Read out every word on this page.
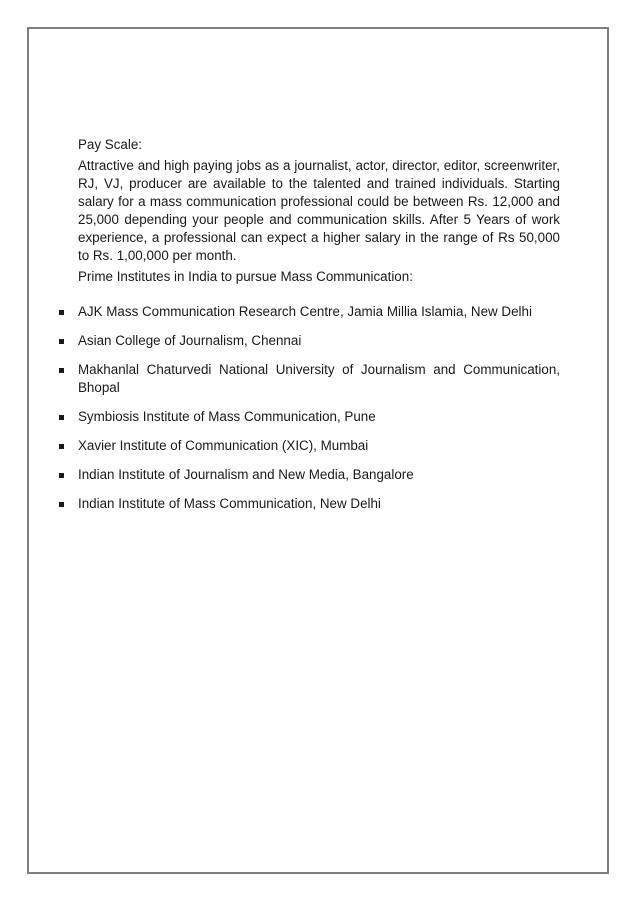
Pay Scale:
Attractive and high paying jobs as a journalist, actor, director, editor, screenwriter, RJ, VJ, producer are available to the talented and trained individuals. Starting salary for a mass communication professional could be between Rs. 12,000 and 25,000 depending your people and communication skills. After 5 Years of work experience, a professional can expect a higher salary in the range of Rs 50,000 to Rs. 1,00,000 per month.
Prime Institutes in India to pursue Mass Communication:
AJK Mass Communication Research Centre, Jamia Millia Islamia, New Delhi
Asian College of Journalism, Chennai
Makhanlal Chaturvedi National University of Journalism and Communication, Bhopal
Symbiosis Institute of Mass Communication, Pune
Xavier Institute of Communication (XIC), Mumbai
Indian Institute of Journalism and New Media, Bangalore
Indian Institute of Mass Communication, New Delhi
